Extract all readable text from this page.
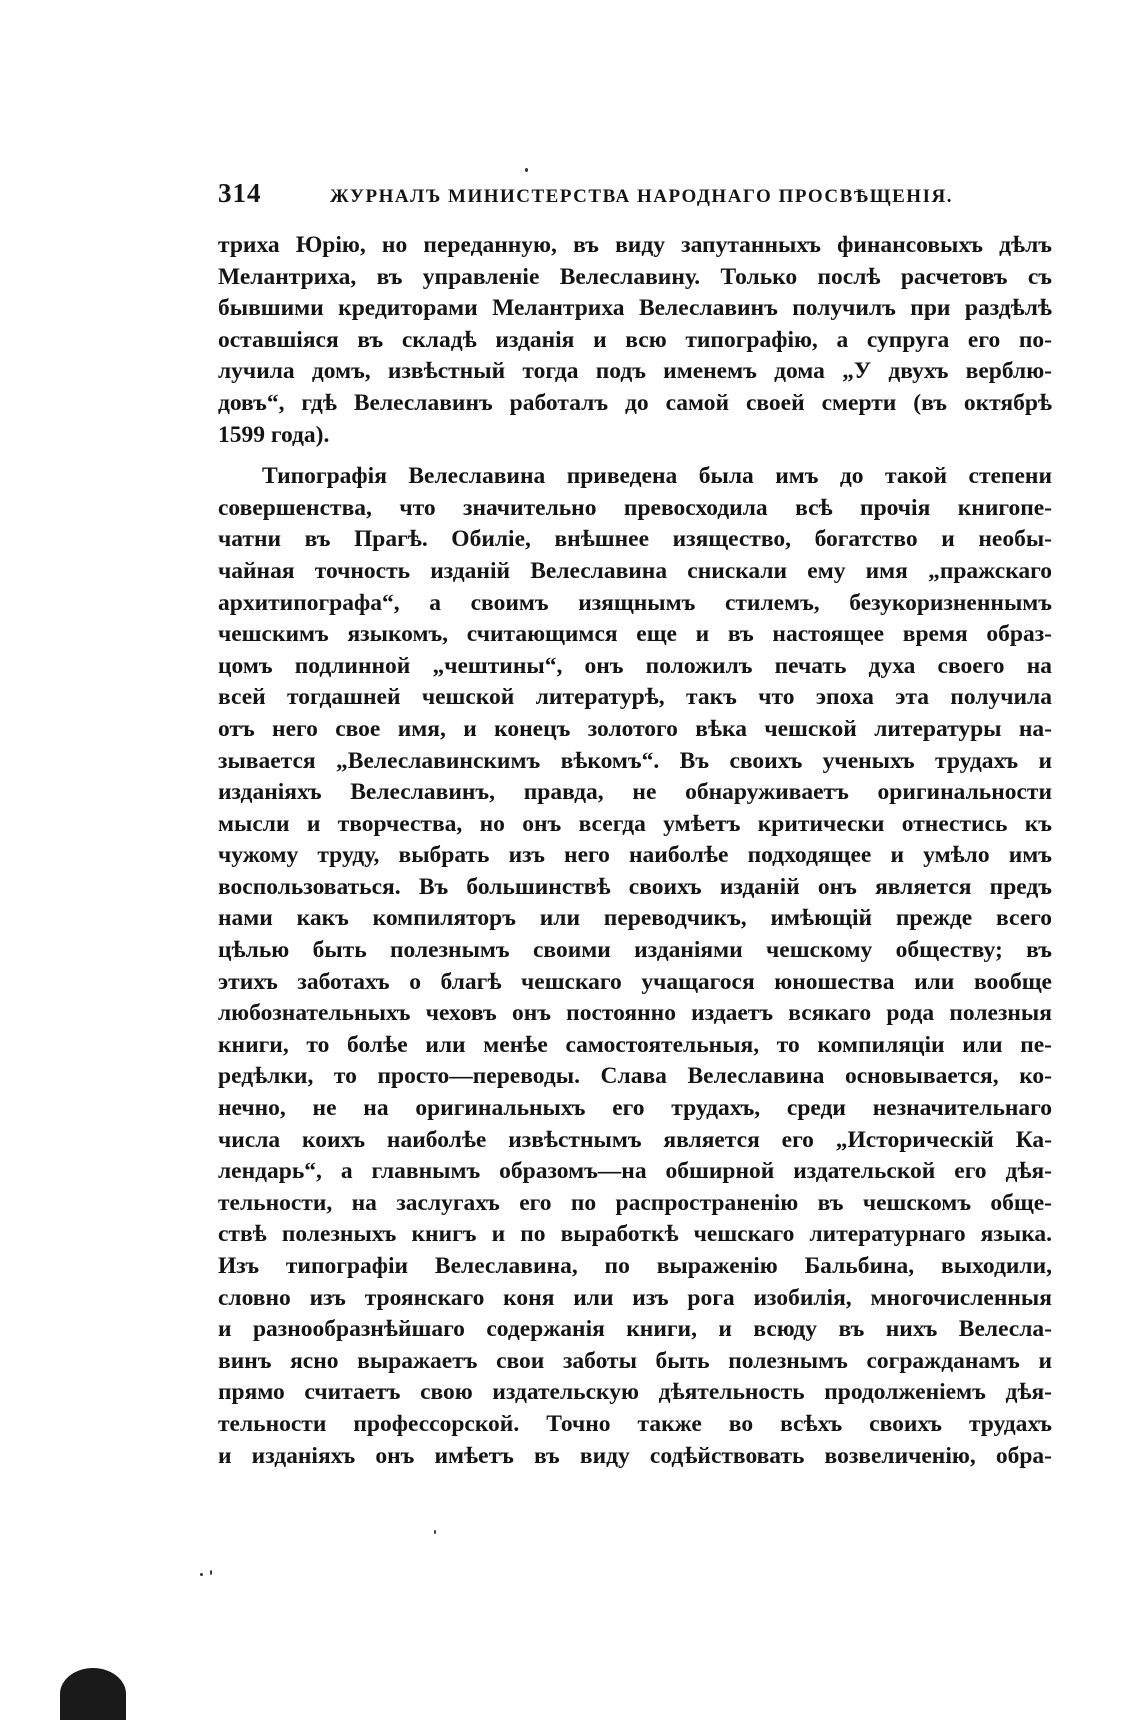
314	ЖУРНАЛЪ МИНИСТЕРСТВА НАРОДНАГО ПРОСВѢЩЕНІЯ.
триха Юрію, но переданную, въ виду запутанныхъ финансовыхъ дѣлъ
Мелантриха, въ управленіе Велеславину. Только послѣ расчетовъ съ
бывшими кредиторами Мелантриха Велеславинъ получилъ при раздѣлѣ
оставшіяся въ складѣ изданія и всю типографію, а супруга его по-
лучила домъ, извѣстный тогда подъ именемъ дома „У двухъ верблю-
довъ“, гдѣ Велеславинъ работалъ до самой своей смерти (въ октябрѣ
1599 года).
Типографія Велеславина приведена была имъ до такой степени
совершенства, что значительно превосходила всѣ прочія книгопе-
чатни въ Прагѣ. Обиліе, внѣшнее изящество, богатство и необы-
чайная точность изданій Велеславина снискали ему имя „пражскаго
архитипографа“, а своимъ изящнымъ стилемъ, безукоризненнымъ
чешскимъ языкомъ, считающимся еще и въ настоящее время образ-
цомъ подлинной „чештины“, онъ положилъ печать духа своего на
всей тогдашней чешской литературѣ, такъ что эпоха эта получила
отъ него свое имя, и конецъ золотого вѣка чешской литературы на-
зывается „Велеславинскимъ вѣкомъ“. Въ своихъ ученыхъ трудахъ и
изданіяхъ Велеславинъ, правда, не обнаруживаетъ оригинальности
мысли и творчества, но онъ всегда умѣетъ критически отнестись къ
чужому труду, выбрать изъ него наиболѣе подходящее и умѣло имъ
воспользоваться. Въ большинствѣ своихъ изданій онъ является предъ
нами какъ компиляторъ или переводчикъ, имѣющій прежде всего
цѣлью быть полезнымъ своими изданіями чешскому обществу; въ
этихъ заботахъ о благѣ чешскаго учащагося юношества или вообще
любознательныхъ чеховъ онъ постоянно издаетъ всякаго рода полезныя
книги, то болѣе или менѣе самостоятельныя, то компиляціи или пе-
редѣлки, то просто—переводы. Слава Велеславина основывается, ко-
нечно, не на оригинальныхъ его трудахъ, среди незначительнаго
числа коихъ наиболѣе извѣстнымъ является его „Историческій Ка-
лендарь“, а главнымъ образомъ—на обширной издательской его дѣя-
тельности, на заслугахъ его по распространенію въ чешскомъ обще-
ствѣ полезныхъ книгъ и по выработкѣ чешскаго литературнаго языка.
Изъ типографіи Велеславина, по выраженію Бальбина, выходили,
словно изъ троянскаго коня или изъ рога изобилія, многочисленныя
и разнообразнѣйшаго содержанія книги, и всюду въ нихъ Велесла-
винъ ясно выражаетъ свои заботы быть полезнымъ согражданамъ и
прямо считаетъ свою издательскую дѣятельность продолженіемъ дѣя-
тельности профессорской. Точно также во всѣхъ своихъ трудахъ
и изданіяхъ онъ имѣетъ въ виду содѣйствовать возвеличенію, обра-
